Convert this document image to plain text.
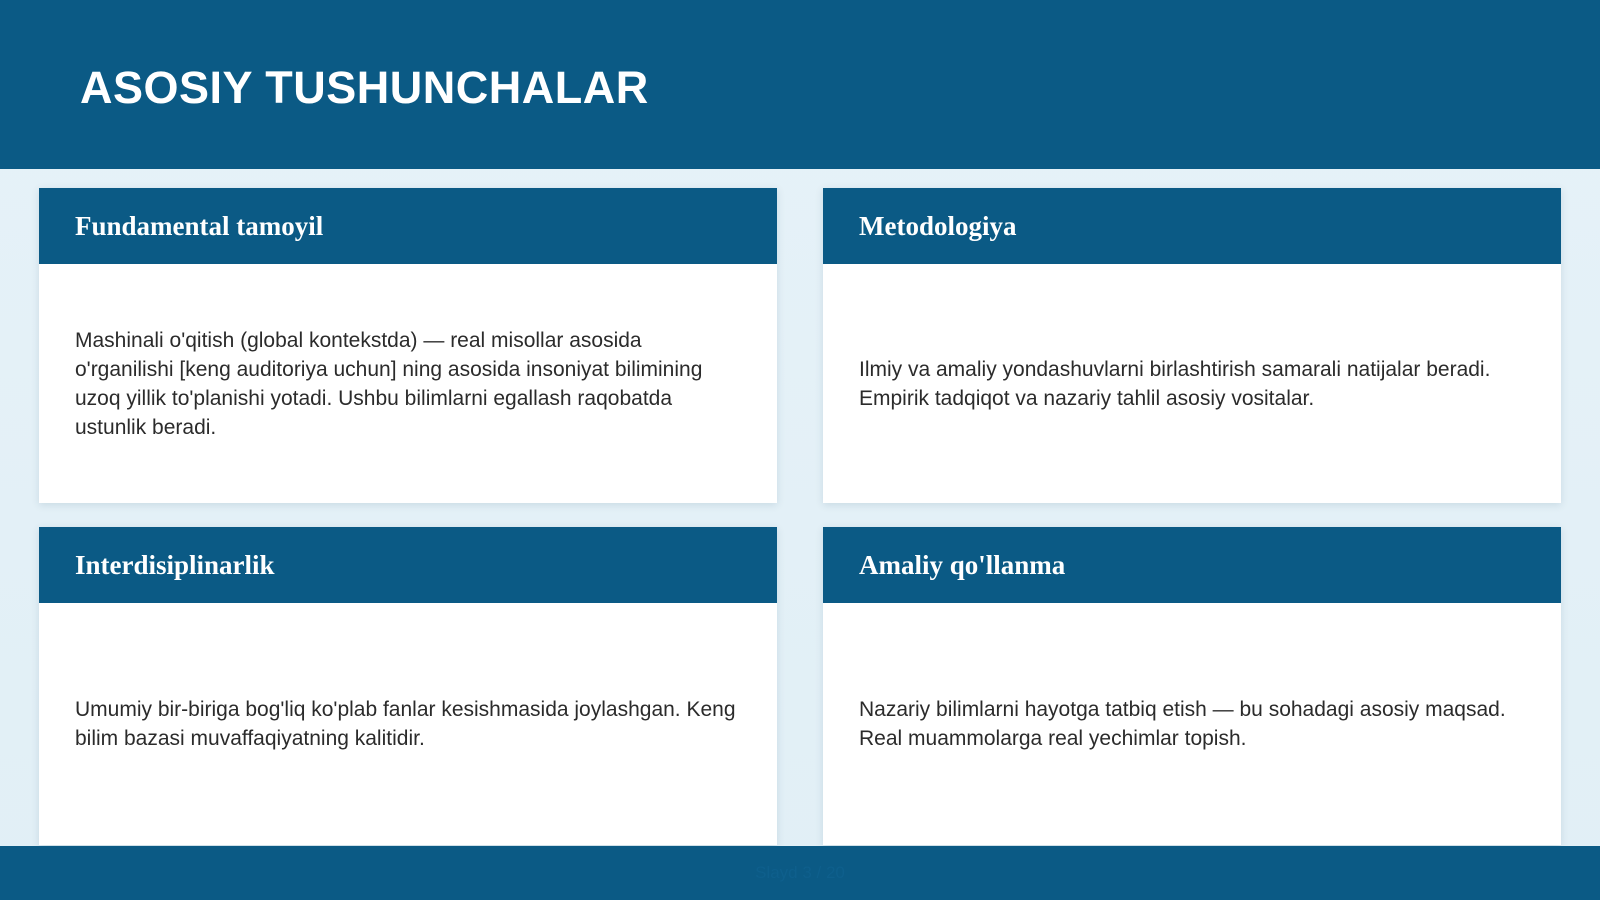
ASOSIY TUSHUNCHALAR
Fundamental tamoyil

Mashinali o'qitish (global kontekstda) — real misollar asosida o'rganilishi [keng auditoriya uchun] ning asosida insoniyat bilimining uzoq yillik to'planishi yotadi. Ushbu bilimlarni egallash raqobatda ustunlik beradi.

Metodologiya

Ilmiy va amaliy yondashuvlarni birlashtirish samarali natijalar beradi. Empirik tadqiqot va nazariy tahlil asosiy vositalar.

Interdisiplinarlik

Umumiy bir-biriga bog'liq ko'plab fanlar kesishmasida joylashgan. Keng bilim bazasi muvaffaqiyatning kalitidir.

Amaliy qo'llanma

Nazariy bilimlarni hayotga tatbiq etish — bu sohadagi asosiy maqsad. Real muammolarga real yechimlar topish.

Slayd 3 / 20
